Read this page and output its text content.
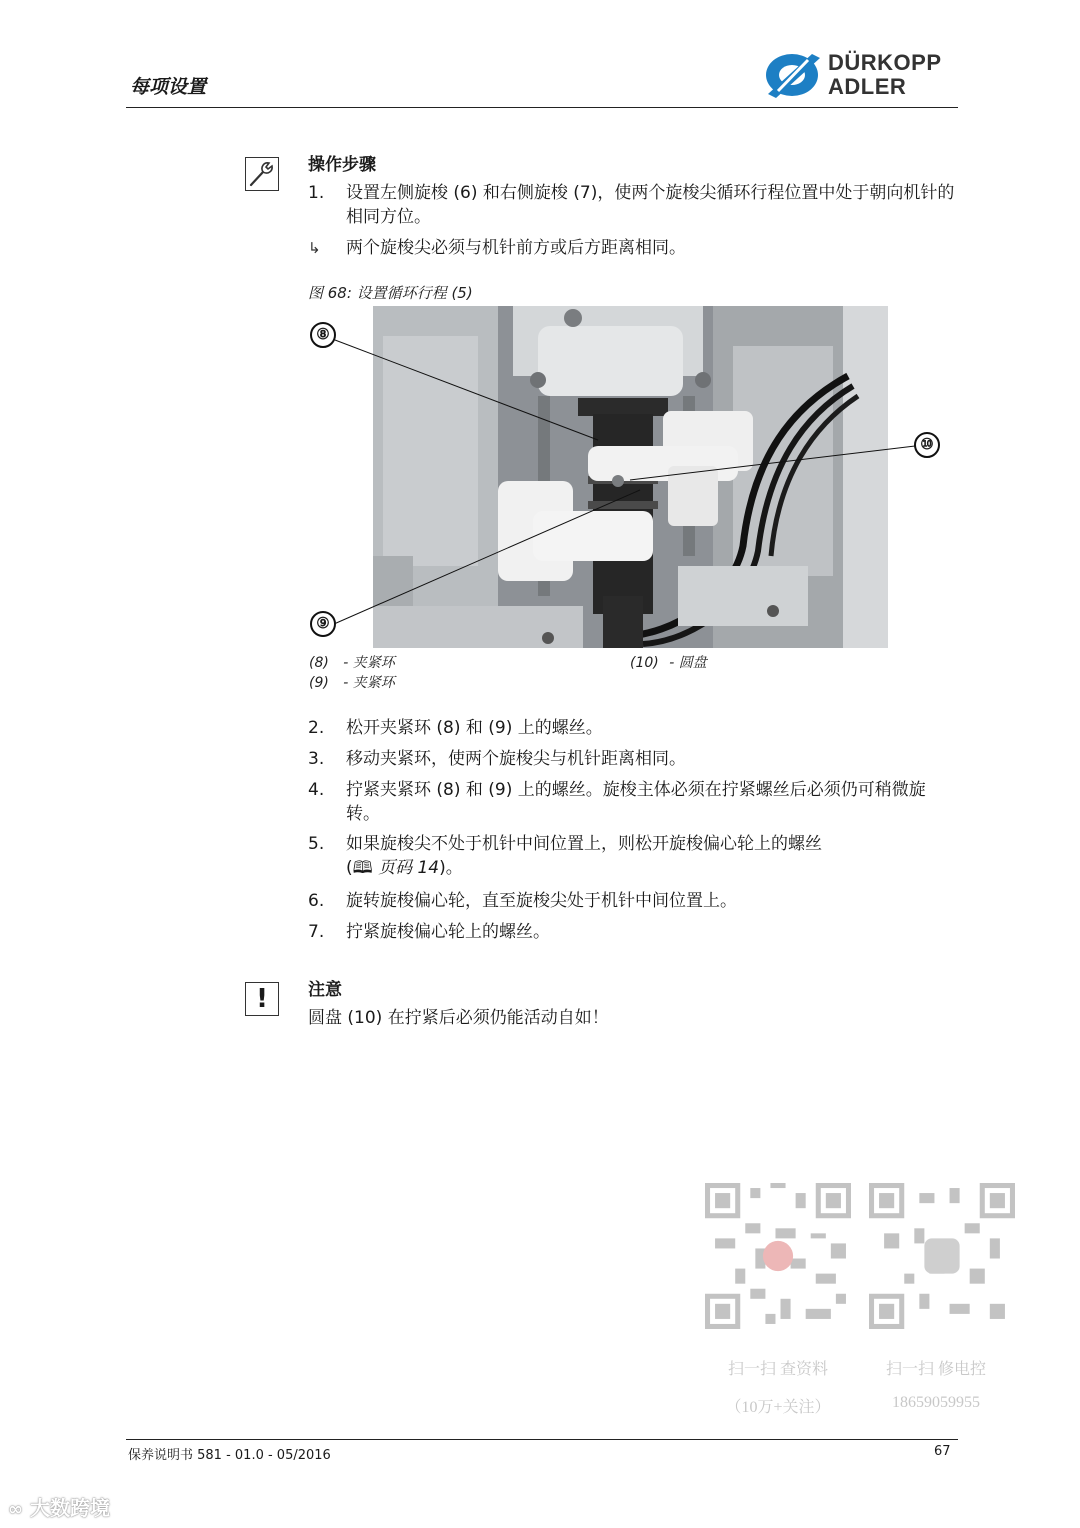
每项设置
DÜRKOPP
ADLER
操作步骤
1.	设置左侧旋梭 (6) 和右侧旋梭 (7)，使两个旋梭尖循环行程位置中处于朝向机针的相同方位。
↳	两个旋梭尖必须与机针前方或后方距离相同。
图 68: 设置循环行程 (5)
⑧
⑩
⑨
(8) - 夹紧环
(9) - 夹紧环
(10) - 圆盘
2.	松开夹紧环 (8) 和 (9) 上的螺丝。
3.	移动夹紧环，使两个旋梭尖与机针距离相同。
4.	拧紧夹紧环 (8) 和 (9) 上的螺丝。旋梭主体必须在拧紧螺丝后必须仍可稍微旋转。
5.	如果旋梭尖不处于机针中间位置上，则松开旋梭偏心轮上的螺丝
(🕮 页码 14)。
6.	旋转旋梭偏心轮，直至旋梭尖处于机针中间位置上。
7.	拧紧旋梭偏心轮上的螺丝。
!	注意
圆盘 (10) 在拧紧后必须仍能活动自如！
扫一扫 查资料
（10万+关注）
扫一扫 修电控
18659059955
保养说明书 581 - 01.0 - 05/2016	67
∞ 大数跨境
